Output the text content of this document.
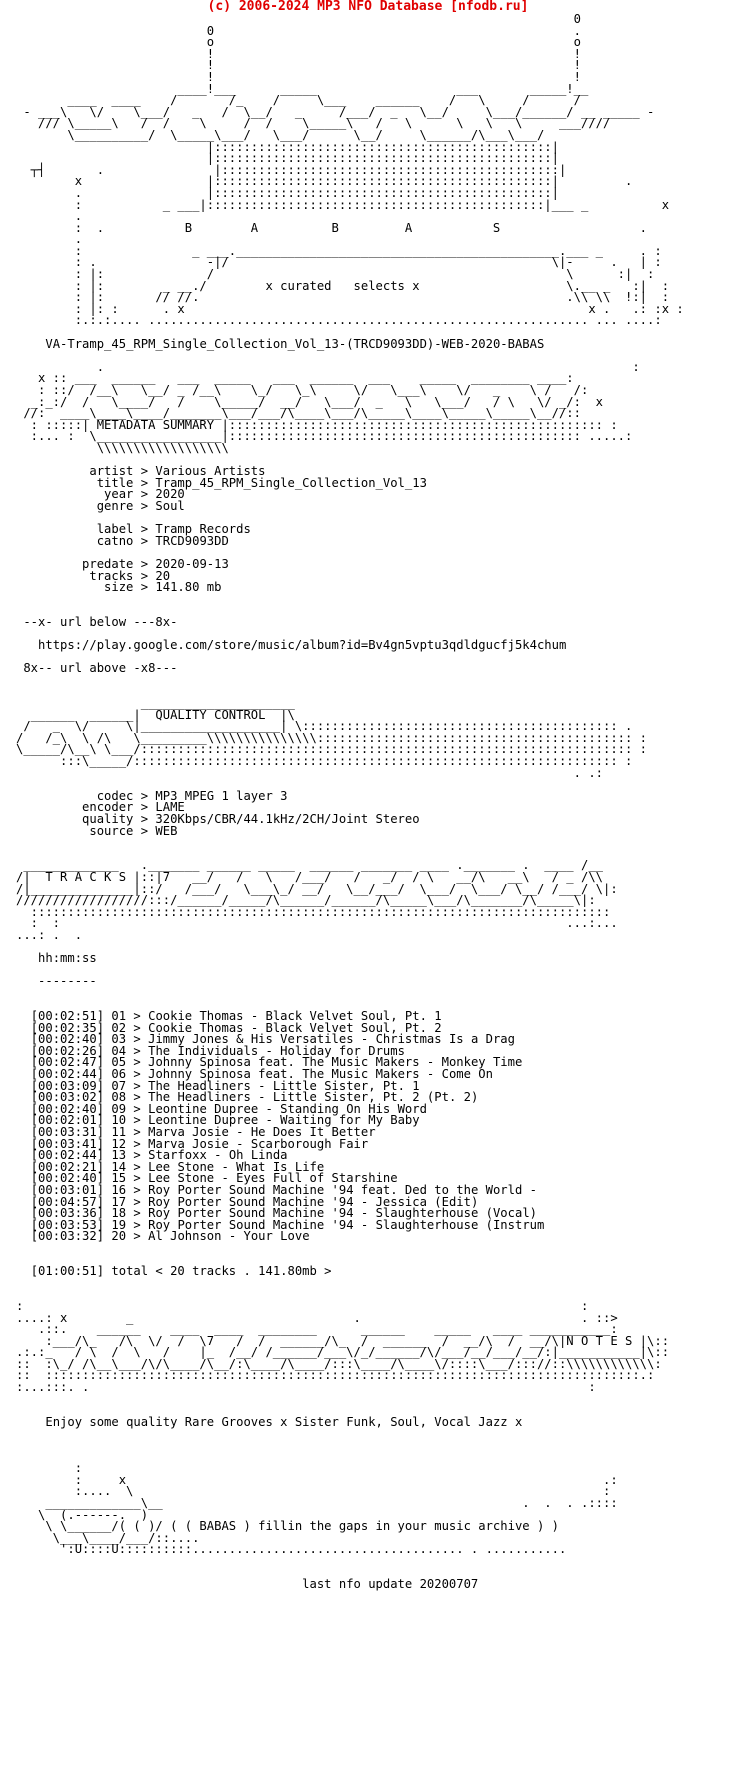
(c) 2006-2024 MP3 NFO Database [nfodb.ru]
0
0                                                 .
o                                                 o
!                                                 !
!                                                 !
!                                                 !
____!___      _____                   ___       _____!__
____  ____    /       /_    /     \___    ______    /   \     /      /
- ___\   \/    \___/   _   /  \__/   _     /___/  _   \__/     \___/______/ __ _____ -
/// \_____\   /  /    \     /  /    \_____\   /   \      \   \   \     ___////
\__________/  \_____\___/   \___/      \__/     \______/\___\___/
|::::::::::::::::::::::::::::::::::::::::::::::|
|::::::::::::::::::::::::::::::::::::::::::::::|
┬┤       .               |::::::::::::::::::::::::::::::::::::::::::::::|
x                 |::::::::::::::::::::::::::::::::::::::::::::::|         .
.                 |::::::::::::::::::::::::::::::::::::::::::::::|
:           _ ___|::::::::::::::::::::::::::::::::::::::::::::::|___ _          x
.
:  .           B        A          B         A           S                   .
.
:               _ ___.____________________________________________.___ _     . :
: .               -|/                                            \|-     .   | :
: |:              /                                                \      :|  :
: |:        _ __./        x curated   selects x                    \.__ _   :|  :
: |:       // //.                                                  .\\ \\  !:|  :
: |: :      . x                                                       x .   .: :x :
:.:.:.... ............................................................ ... ....:

VA-Tramp_45_RPM_Single_Collection_Vol_13-(TRCD9093DD)-WEB-2020-BABAS

.                                                                        :
x :: ___  ______   ___  _____   ___  ______  ___    _____  ________ ____:
: ::/  /__\   \__/ _ /__\    \_/   \_\     \/   \___\    \/   _    \ /   /:
_:_:/  /   \____/   /    \_____/  __/   \___/  _   \   \___/   / \   \/ _/:  x
//:  ____\____\____/_______\___/___/\____\___/\_____\____\_____\_____\__//::
: :::::| METADATA SUMMARY |::::::::::::::::::::::::::::::::::::::::::::::::::: :
:... :  \_________________|:::::::::::::::::::::::::::::::::::::::::::::::: .....:
\\\\\\\\\\\\\\\\\\

artist > Various Artists
title > Tramp_45_RPM_Single_Collection_Vol_13
year > 2020
genre > Soul

label > Tramp Records
catno > TRCD9093DD

predate > 2020-09-13
tracks > 20
size > 141.80 mb

--x- url below ---8x-

https://play.google.com/store/music/album?id=Bv4gn5vptu3qdldgucfj5k4chum

8x-- url above -x8---

_____________________
______  ______|  QUALITY CONTROL  |\
/   _  \/     \|___________________| \::::::::::::::::::::::::::::::::::::::::::: .
/   /_\  \ /\   \_________\\\\\\\\\\\\\\\::::::::::::::::::::::::::::::::::::::::::: :
\_____/\__\ \___/::::::::::::::::::::::::::::::::::::::::::::::::::::::::::::::::::: :
:::\_____/:::::::::::::::::::::::::::::::::::::::::::::::::::::::::::::::::: :
. .:

codec > MP3 MPEG 1 layer 3
encoder > LAME
quality > 320Kbps/CBR/44.1kHz/2CH/Joint Stereo
source > WEB

_____________   ._______ ______ _____  ______ _______ ____ ._______ .  ____ /__
/|  T R A C K S |::|7   __/   /   \   /___/   /   _/  / \   __/\   __\   / _ /\\
/|______________|::/   /___/   \___\_/ __/   \__/___/  \___/  \___/ \__/ /___/ \|:
//////////////////:::/______/_____/\______/______/\_____\___/\_______/\_____\|:
:::::::::::::::::::::::::::::::::::::::::::::::::::::::::::::::::::::::::::::::
:  :                                                                     ...:...
...: .  .

hh:mm:ss

--------

[00:02:51] 01 > Cookie Thomas - Black Velvet Soul, Pt. 1
[00:02:35] 02 > Cookie Thomas - Black Velvet Soul, Pt. 2
[00:02:40] 03 > Jimmy Jones & His Versatiles - Christmas Is a Drag
[00:02:26] 04 > The Individuals - Holiday for Drums
[00:02:47] 05 > Johnny Spinosa feat. The Music Makers - Monkey Time
[00:02:44] 06 > Johnny Spinosa feat. The Music Makers - Come On
[00:03:09] 07 > The Headliners - Little Sister, Pt. 1
[00:03:02] 08 > The Headliners - Little Sister, Pt. 2 (Pt. 2)
[00:02:40] 09 > Leontine Dupree - Standing On His Word
[00:02:01] 10 > Leontine Dupree - Waiting for My Baby
[00:03:31] 11 > Marva Josie - He Does It Better
[00:03:41] 12 > Marva Josie - Scarborough Fair
[00:02:44] 13 > Starfoxx - Oh Linda
[00:02:21] 14 > Lee Stone - What Is Life
[00:02:40] 15 > Lee Stone - Eyes Full of Starshine
[00:03:01] 16 > Roy Porter Sound Machine '94 feat. Ded to the World -
[00:04:57] 17 > Roy Porter Sound Machine '94 - Jessica (Edit)
[00:03:36] 18 > Roy Porter Sound Machine '94 - Slaughterhouse (Vocal)
[00:03:53] 19 > Roy Porter Sound Machine '94 - Slaughterhouse (Instrum
[00:03:32] 20 > Al Johnson - Your Love

[01:00:51] total < 20 tracks . 141.80mb >

:                                                                            :
....: x        _                              .                              . ::>
.::.    ______    ____  ____  ________      ______    _____   ____ ___________:
:___/\_   /\  \/  /  \7   /  /  ______/\_  /  ______  /  __/\  /  __/\|N O T E S |\::
.:.:_   / \  /  \   /    |_  /__/ /______/___\/_/______/\/___/__/___/__/:|___________|\::
::  :\_/ /\__\___/\/\____/\__/:\____/\____/:::\____/\____\/::::\___/::://::\\\\\\\\\\\\:
::  :::::::::::::::::::::::::::::::::::::::::::::::::::::::::::::::::::::::::::::::::.:
:...:::. .                                                                    :

Enjoy some quality Rare Grooves x Sister Funk, Soul, Vocal Jazz x

:
:     x                                                                 .:
:....  \                                                                :
_____________\__                                                 .  .  . .::::
\  (.------.  )
\ \______/( ( )/ ( ( BABAS ) fillin the gaps in your music archive ) )
\___\____/___/::....
':U::::U::::::::::..................................... . ...........

last nfo update 20200707
